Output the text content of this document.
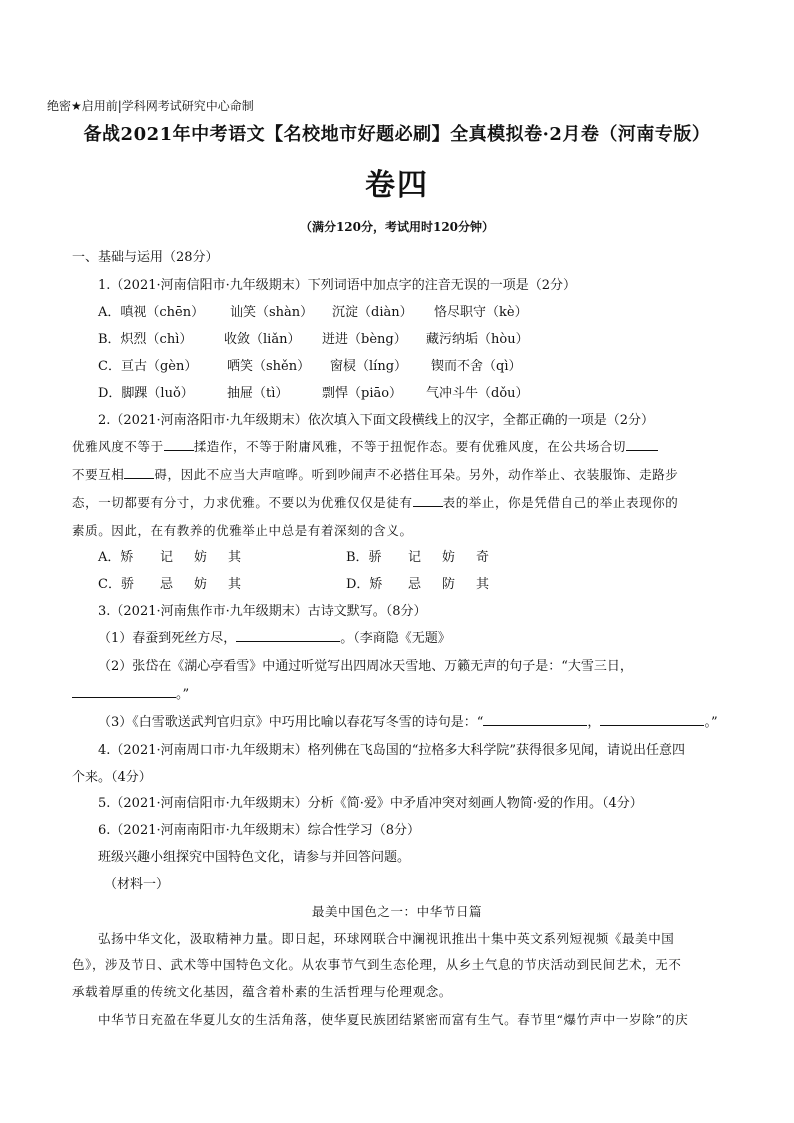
绝密★启用前|学科网考试研究中心命制
备战2021年中考语文【名校地市好题必刷】全真模拟卷·2月卷（河南专版）
卷四
（满分120分，考试用时120分钟）
一、基础与运用（28分）
1.（2021·河南信阳市·九年级期末）下列词语中加点字的注音无误的一项是（2分）
A．嗔视（chēn） 讪笑（shàn） 沉淀（diàn） 恪尽职守（kè）
B．炽烈（chì） 收敛（liǎn） 迸进（bèng） 藏污纳垢（hòu）
C．亘古（gèn） 哂笑（shěn） 窗棂（líng） 锲而不舍（qì）
D．脚踝（luǒ）	抽屉（tì）	剽悍（piāo） 气冲斗牛（dǒu）
2.（2021·河南洛阳市·九年级期末）依次填入下面文段横线上的汉字，全都正确的一项是（2分）
优雅风度不等于 揉造作，不等于附庸风雅，不等于扭怩作态。要有优雅风度，在公共场合切
不要互相 碍，因此不应当大声喧哗。听到吵闹声不必搭住耳朵。另外，动作举止、衣装服饰、走路步
态，一切都要有分寸，力求优雅。不要以为优雅仅仅是徒有 表的举止，你是凭借自己的举止表现你的
素质。因此，在有教养的优雅举止中总是有着深刻的含义。
A．矫 记 妨 其	B．骄 记 妨 奇
C．骄 忌 妨 其	D．矫 忌 防 其
3.（2021·河南焦作市·九年级期末）古诗文默写。（8分）
（1）春蚕到死丝方尽，	。（李商隐《无题》
（2）张岱在《湖心亭看雪》中通过听觉写出四周冰天雪地、万籁无声的句子是：“大雪三日，
。”
（3）《白雪歌送武判官归京》中巧用比喻以春花写冬雪的诗句是：“	，	。”
4.（2021·河南周口市·九年级期末）格列佛在飞岛国的“拉格多大科学院”获得很多见闻，请说出任意四
个来。（4分）
5.（2021·河南信阳市·九年级期末）分析《简·爱》中矛盾冲突对刻画人物简·爱的作用。（4分）
6.（2021·河南南阳市·九年级期末）综合性学习（8分）
班级兴趣小组探究中国特色文化，请参与并回答问题。
（材料一）
最美中国色之一：中华节日篇
弘扬中华文化，汲取精神力量。即日起，环球网联合中澜视讯推出十集中英文系列短视频《最美中国
色》，涉及节日、武术等中国特色文化。从农事节气到生态伦理，从乡土气息的节庆活动到民间艺术，无不
承载着厚重的传统文化基因，蕴含着朴素的生活哲理与伦理观念。
中华节日充盈在华夏儿女的生活角落，使华夏民族团结紧密而富有生气。春节里“爆竹声中一岁除”的庆
